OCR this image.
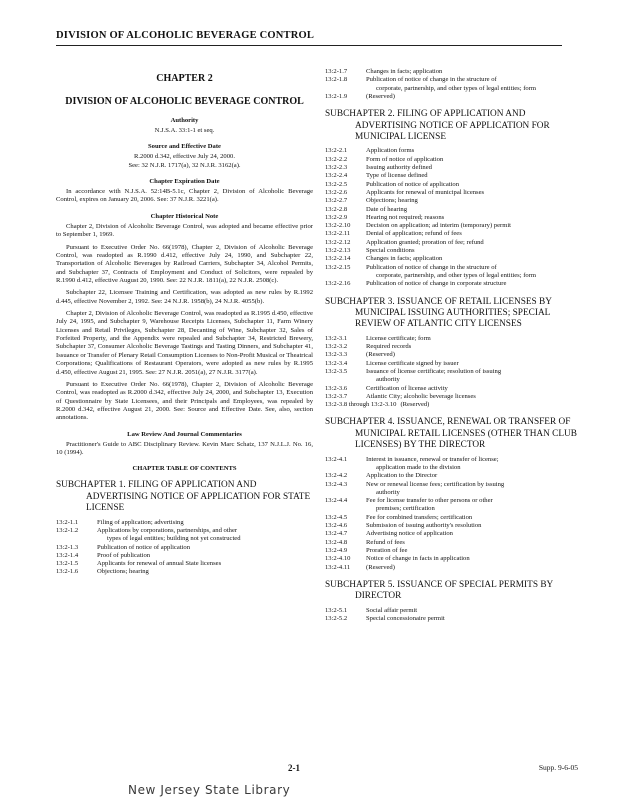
DIVISION OF ALCOHOLIC BEVERAGE CONTROL
CHAPTER 2
DIVISION OF ALCOHOLIC BEVERAGE CONTROL
Authority
N.J.S.A. 33:1-1 et seq.
Source and Effective Date
R.2000 d.342, effective July 24, 2000.
See: 32 N.J.R. 1717(a), 32 N.J.R. 3162(a).
Chapter Expiration Date

In accordance with N.J.S.A. 52:14B-5.1c, Chapter 2, Division of Alcoholic Beverage Control, expires on January 20, 2006. See: 37 N.J.R. 3221(a).

Chapter Historical Note

Chapter 2, Division of Alcoholic Beverage Control, was adopted and became effective prior to September 1, 1969.

Pursuant to Executive Order No. 66(1978), Chapter 2, Division of Alcoholic Beverage Control, was readopted as R.1990 d.412, effective July 24, 1990, and Subchapter 22, Transportation of Alcoholic Beverages by Railroad Carriers, Subchapter 34, Alcohol Permits, and Subchapter 37, Contracts of Employment and Conduct of Solicitors, were repealed by R.1990 d.412, effective August 20, 1990. See: 22 N.J.R. 1811(a), 22 N.J.R. 2508(c).

Subchapter 22, Licensee Training and Certification, was adopted as new rules by R.1992 d.445, effective November 2, 1992. See: 24 N.J.R. 1958(b), 24 N.J.R. 4055(b).

Chapter 2, Division of Alcoholic Beverage Control, was readopted as R.1995 d.450, effective July 24, 1995, and Subchapter 9, Warehouse Receipts Licenses, Subchapter 11, Farm Winery Licenses and Retail Privileges, Subchapter 28, Decanting of Wine, Subchapter 32, Sales of Forfeited Property, and the Appendix were repealed and Subchapter 34, Restricted Brewery, Subchapter 37, Consumer Alcoholic Beverage Tastings and Tasting Dinners, and Subchapter 41, Issuance or Transfer of Plenary Retail Consumption Licenses to Non-Profit Musical or Theatrical Corporations; Qualifications of Restaurant Operators, were adopted as new rules by R.1995 d.450, effective August 21, 1995. See: 27 N.J.R. 2051(a), 27 N.J.R. 3177(a).

Pursuant to Executive Order No. 66(1978), Chapter 2, Division of Alcoholic Beverage Control, was readopted as R.2000 d.342, effective July 24, 2000, and Subchapter 13, Execution of Questionnaire by State Licensees, and their Principals and Employees, was repealed by R.2000 d.342, effective August 21, 2000. See: Source and Effective Date. See, also, section annotations.

Law Review And Journal Commentaries

Practitioner's Guide to ABC Disciplinary Review. Kevin Marc Schatz, 137 N.J.L.J. No. 16, 10 (1994).

CHAPTER TABLE OF CONTENTS
SUBCHAPTER 1. FILING OF APPLICATION AND ADVERTISING NOTICE OF APPLICATION FOR STATE LICENSE
13:2-1.1	Filing of application; advertising
13:2-1.2	Applications by corporations, partnerships, and other
types of legal entities; building not yet constructed
13:2-1.3	Publication of notice of application
13:2-1.4	Proof of publication
13:2-1.5	Applicants for renewal of annual State licenses
13:2-1.6	Objections; hearing
13:2-1.7	Changes in facts; application
13:2-1.8	Publication of notice of change in the structure of
corporate, partnership, and other types of legal entities; form
13:2-1.9	(Reserved)
SUBCHAPTER 2. FILING OF APPLICATION AND ADVERTISING NOTICE OF APPLICATION FOR MUNICIPAL LICENSE
13:2-2.1	Application forms
13:2-2.2	Form of notice of application
13:2-2.3	Issuing authority defined
13:2-2.4	Type of license defined
13:2-2.5	Publication of notice of application
13:2-2.6	Applicants for renewal of municipal licenses
13:2-2.7	Objections; hearing
13:2-2.8	Date of hearing
13:2-2.9	Hearing not required; reasons
13:2-2.10	Decision on application; ad interim (temporary) permit
13:2-2.11	Denial of application; refund of fees
13:2-2.12	Application granted; proration of fee; refund
13:2-2.13	Special conditions
13:2-2.14	Changes in facts; application
13:2-2.15	Publication of notice of change in the structure of
corporate, partnership, and other types of legal entities; form
13:2-2.16	Publication of notice of change in corporate structure
SUBCHAPTER 3. ISSUANCE OF RETAIL LICENSES BY MUNICIPAL ISSUING AUTHORITIES; SPECIAL REVIEW OF ATLANTIC CITY LICENSES
13:2-3.1	License certificate; form
13:2-3.2	Required records
13:2-3.3	(Reserved)
13:2-3.4	License certificate signed by issuer
13:2-3.5	Issuance of license certificate; resolution of issuing
authority
13:2-3.6	Certification of license activity
13:2-3.7	Atlantic City; alcoholic beverage licenses
13:2-3.8 through 13:2-3.10 (Reserved)
SUBCHAPTER 4. ISSUANCE, RENEWAL OR TRANSFER OF MUNICIPAL RETAIL LICENSES (OTHER THAN CLUB LICENSES) BY THE DIRECTOR
13:2-4.1	Interest in issuance, renewal or transfer of license;
application made to the division
13:2-4.2	Application to the Director
13:2-4.3	New or renewal license fees; certification by issuing
authority
13:2-4.4	Fee for license transfer to other persons or other
premises; certification
13:2-4.5	Fee for combined transfers; certification
13:2-4.6	Submission of issuing authority's resolution
13:2-4.7	Advertising notice of application
13:2-4.8	Refund of fees
13:2-4.9	Proration of fee
13:2-4.10	Notice of change in facts in application
13:2-4.11	(Reserved)
SUBCHAPTER 5. ISSUANCE OF SPECIAL PERMITS BY DIRECTOR
13:2-5.1	Social affair permit
13:2-5.2	Special concessionaire permit
2-1	Supp. 9-6-05
New Jersey State Library
